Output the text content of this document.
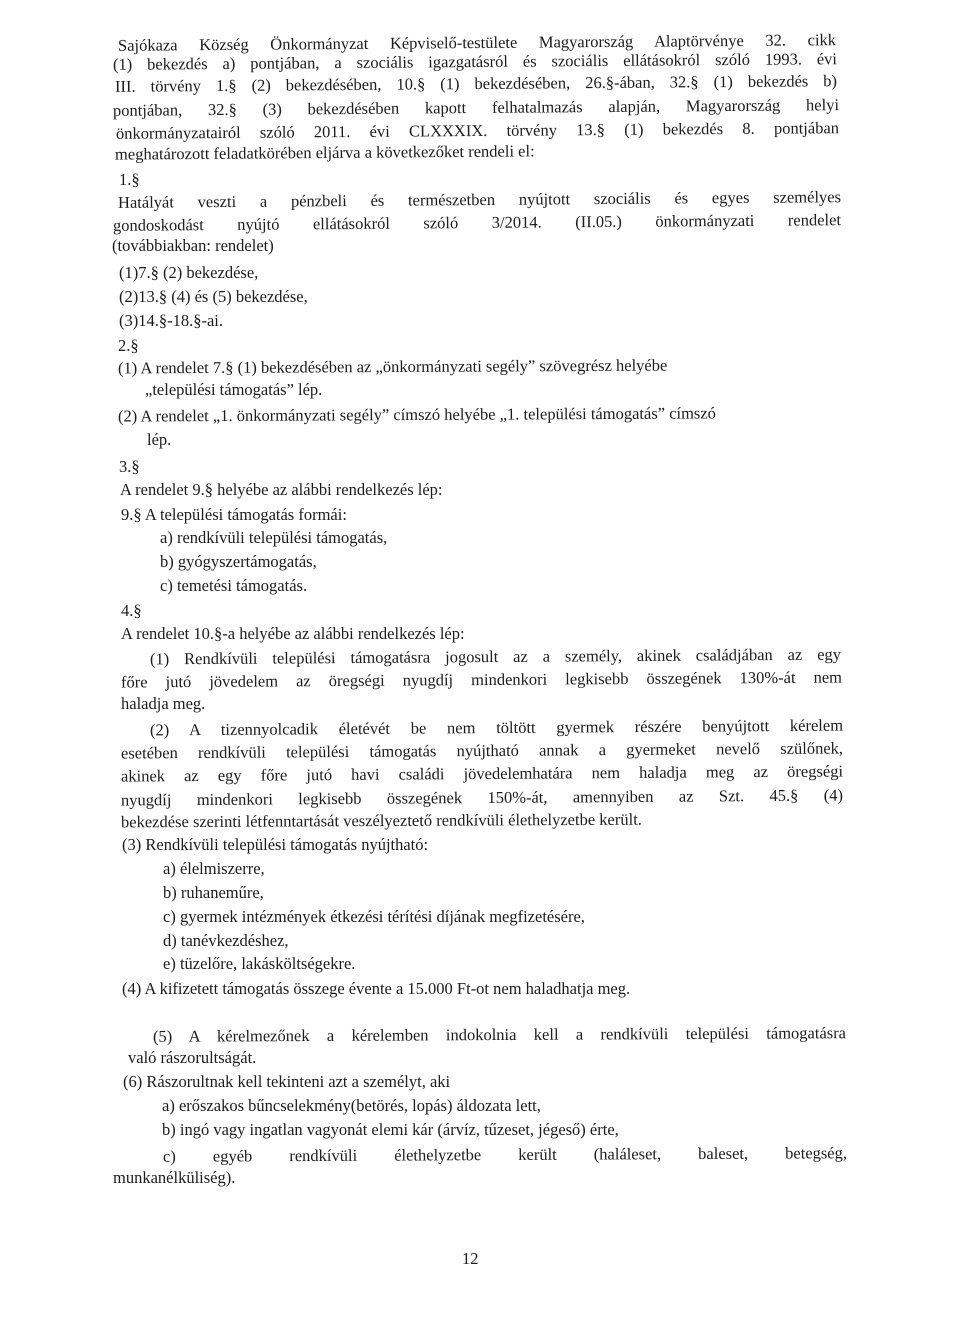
Sajókaza Község Önkormányzat Képviselő-testülete Magyarország Alaptörvénye 32. cikk
(1) bekezdés a) pontjában, a szociális igazgatásról és szociális ellátásokról szóló 1993. évi
III. törvény 1.§ (2) bekezdésében, 10.§ (1) bekezdésében, 26.§-ában, 32.§ (1) bekezdés b)
pontjában, 32.§ (3) bekezdésében kapott felhatalmazás alapján, Magyarország helyi
önkormányzatairól szóló 2011. évi CLXXXIX. törvény 13.§ (1) bekezdés 8. pontjában
meghatározott feladatkörében eljárva a következőket rendeli el:
1.§
Hatályát veszti a pénzbeli és természetben nyújtott szociális és egyes személyes
gondoskodást nyújtó ellátásokról szóló 3/2014. (II.05.) önkormányzati rendelet
(továbbiakban: rendelet)
(1)7.§ (2) bekezdése,
(2)13.§ (4) és (5) bekezdése,
(3)14.§-18.§-ai.
2.§
(1) A rendelet 7.§ (1) bekezdésében az „önkormányzati segély” szövegrész helyébe
„települési támogatás” lép.
(2) A rendelet „1. önkormányzati segély” címszó helyébe „1. települési támogatás” címszó
lép.
3.§
A rendelet 9.§ helyébe az alábbi rendelkezés lép:
9.§ A települési támogatás formái:
a) rendkívüli települési támogatás,
b) gyógyszertámogatás,
c) temetési támogatás.
4.§
A rendelet 10.§-a helyébe az alábbi rendelkezés lép:
(1) Rendkívüli települési támogatásra jogosult az a személy, akinek családjában az egy
főre jutó jövedelem az öregségi nyugdíj mindenkori legkisebb összegének 130%-át nem
haladja meg.
(2) A tizennyolcadik életévét be nem töltött gyermek részére benyújtott kérelem
esetében rendkívüli települési támogatás nyújtható annak a gyermeket nevelő szülőnek,
akinek az egy főre jutó havi családi jövedelemhatára nem haladja meg az öregségi
nyugdíj mindenkori legkisebb összegének 150%-át, amennyiben az Szt. 45.§ (4)
bekezdése szerinti létfenntartását veszélyeztető rendkívüli élethelyzetbe került.
(3) Rendkívüli települési támogatás nyújtható:
a) élelmiszerre,
b) ruhaneműre,
c) gyermek intézmények étkezési térítési díjának megfizetésére,
d) tanévkezdéshez,
e) tüzelőre, lakásköltségekre.
(4) A kifizetett támogatás összege évente a 15.000 Ft-ot nem haladhatja meg.
(5) A kérelmezőnek a kérelemben indokolnia kell a rendkívüli települési támogatásra
való rászorultságát.
(6) Rászorultnak kell tekinteni azt a személyt, aki
a) erőszakos bűncselekmény(betörés, lopás) áldozata lett,
b) ingó vagy ingatlan vagyonát elemi kár (árvíz, tűzeset, jégeső) érte,
c) egyéb rendkívüli élethelyzetbe került (haláleset, baleset, betegség,
munkanélküliség).
12
